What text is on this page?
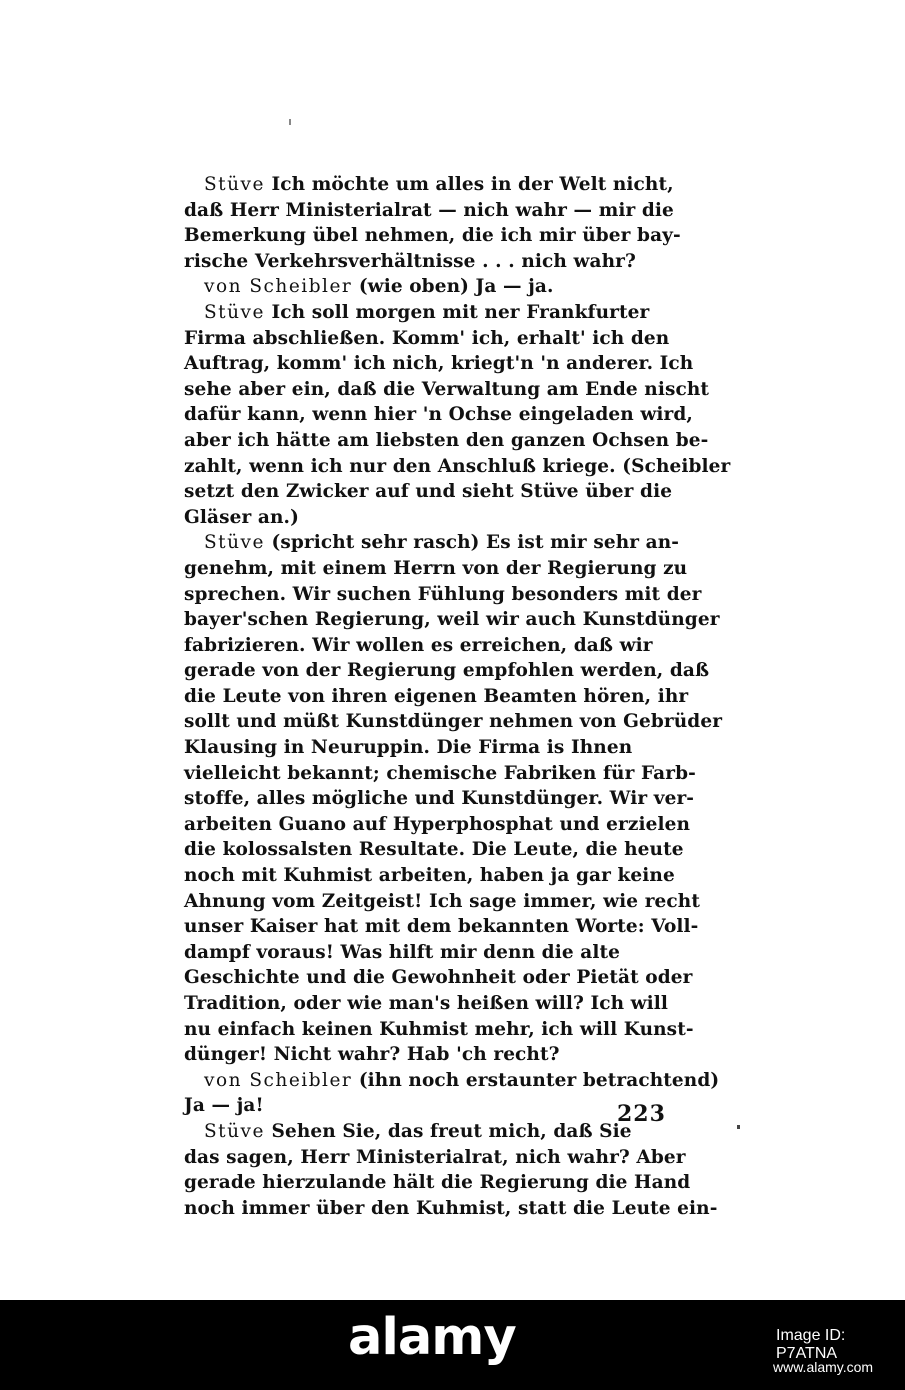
Stüve Ich möchte um alles in der Welt nicht,
daß Herr Ministerialrat — nich wahr — mir die
Bemerkung übel nehmen, die ich mir über bay-
rische Verkehrsverhältnisse . . . nich wahr?
von Scheibler (wie oben) Ja — ja.
Stüve Ich soll morgen mit ner Frankfurter
Firma abschließen. Komm' ich, erhalt' ich den
Auftrag, komm' ich nich, kriegt'n 'n anderer. Ich
sehe aber ein, daß die Verwaltung am Ende nischt
dafür kann, wenn hier 'n Ochse eingeladen wird,
aber ich hätte am liebsten den ganzen Ochsen be-
zahlt, wenn ich nur den Anschluß kriege. (Scheibler
setzt den Zwicker auf und sieht Stüve über die
Gläser an.)
Stüve (spricht sehr rasch) Es ist mir sehr an-
genehm, mit einem Herrn von der Regierung zu
sprechen. Wir suchen Fühlung besonders mit der
bayer'schen Regierung, weil wir auch Kunstdünger
fabrizieren. Wir wollen es erreichen, daß wir
gerade von der Regierung empfohlen werden, daß
die Leute von ihren eigenen Beamten hören, ihr
sollt und müßt Kunstdünger nehmen von Gebrüder
Klausing in Neuruppin. Die Firma is Ihnen
vielleicht bekannt; chemische Fabriken für Farb-
stoffe, alles mögliche und Kunstdünger. Wir ver-
arbeiten Guano auf Hyperphosphat und erzielen
die kolossalsten Resultate. Die Leute, die heute
noch mit Kuhmist arbeiten, haben ja gar keine
Ahnung vom Zeitgeist! Ich sage immer, wie recht
unser Kaiser hat mit dem bekannten Worte: Voll-
dampf voraus! Was hilft mir denn die alte
Geschichte und die Gewohnheit oder Pietät oder
Tradition, oder wie man's heißen will? Ich will
nu einfach keinen Kuhmist mehr, ich will Kunst-
dünger! Nicht wahr? Hab 'ch recht?
von Scheibler (ihn noch erstaunter betrachtend)
Ja — ja!
Stüve Sehen Sie, das freut mich, daß Sie
das sagen, Herr Ministerialrat, nich wahr? Aber
gerade hierzulande hält die Regierung die Hand
noch immer über den Kuhmist, statt die Leute ein-
223
alamy	Image ID: P7ATNA
www.alamy.com
